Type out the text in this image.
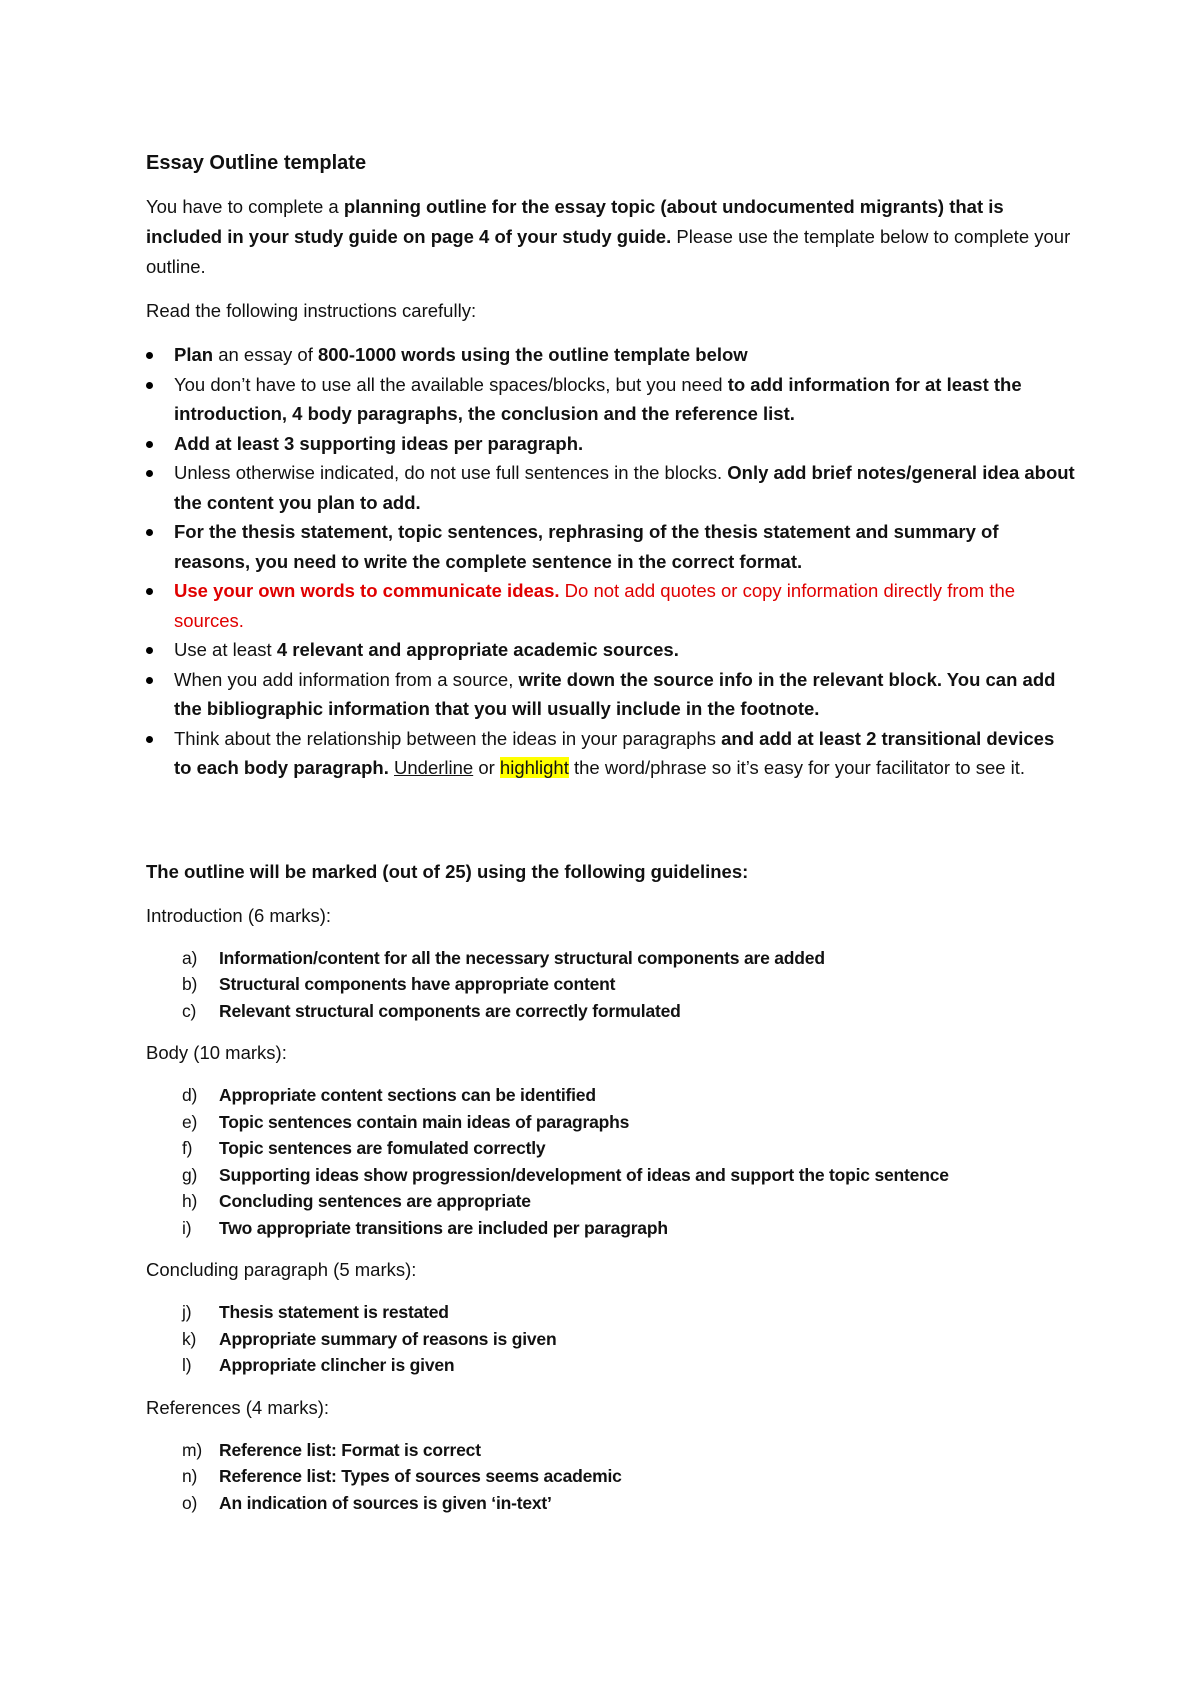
Essay Outline template
You have to complete a planning outline for the essay topic (about undocumented migrants) that is included in your study guide on page 4 of your study guide. Please use the template below to complete your outline.
Read the following instructions carefully:
Plan an essay of 800-1000 words using the outline template below
You don’t have to use all the available spaces/blocks, but you need to add information for at least the introduction, 4 body paragraphs, the conclusion and the reference list.
Add at least 3 supporting ideas per paragraph.
Unless otherwise indicated, do not use full sentences in the blocks. Only add brief notes/general idea about the content you plan to add.
For the thesis statement, topic sentences, rephrasing of the thesis statement and summary of reasons, you need to write the complete sentence in the correct format.
Use your own words to communicate ideas. Do not add quotes or copy information directly from the sources.
Use at least 4 relevant and appropriate academic sources.
When you add information from a source, write down the source info in the relevant block. You can add the bibliographic information that you will usually include in the footnote.
Think about the relationship between the ideas in your paragraphs and add at least 2 transitional devices to each body paragraph. Underline or highlight the word/phrase so it’s easy for your facilitator to see it.
The outline will be marked (out of 25) using the following guidelines:
Introduction (6 marks):
a) Information/content for all the necessary structural components are added
b) Structural components have appropriate content
c) Relevant structural components are correctly formulated
Body (10 marks):
d) Appropriate content sections can be identified
e) Topic sentences contain main ideas of paragraphs
f) Topic sentences are fomulated correctly
g) Supporting ideas show progression/development of ideas and support the topic sentence
h) Concluding sentences are appropriate
i) Two appropriate transitions are included per paragraph
Concluding paragraph (5 marks):
j) Thesis statement is restated
k) Appropriate summary of reasons is given
l) Appropriate clincher is given
References (4 marks):
m) Reference list: Format is correct
n) Reference list: Types of sources seems academic
o) An indication of sources is given ‘in-text’
